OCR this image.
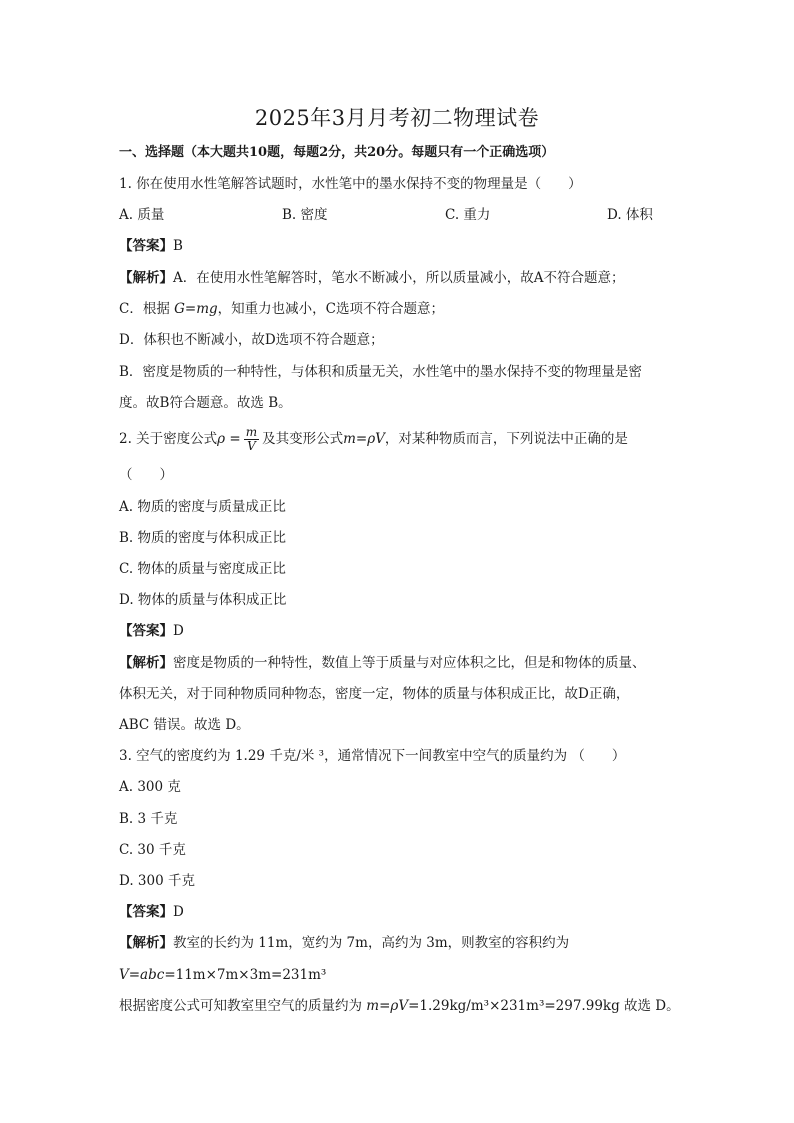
2025年3月月考初二物理试卷
一、选择题（本大题共10题，每题2分，共20分。每题只有一个正确选项）
1. 你在使用水性笔解答试题时，水性笔中的墨水保持不变的物理量是（　　）
A. 质量	B. 密度	C. 重力	D. 体积
【答案】B
【解析】A．在使用水性笔解答时，笔水不断减小，所以质量减小，故A不符合题意；
C．根据 G=mg，知重力也减小，C选项不符合题意；
D．体积也不断减小，故D选项不符合题意；
B．密度是物质的一种特性，与体积和质量无关，水性笔中的墨水保持不变的物理量是密
度。故B符合题意。故选 B。
2. 关于密度公式$\rho = \frac{m}{V}$ 及其变形公式m=ρV，对某种物质而言，下列说法中正确的是
（　　）
A. 物质的密度与质量成正比
B. 物质的密度与体积成正比
C. 物体的质量与密度成正比
D. 物体的质量与体积成正比
【答案】D
【解析】密度是物质的一种特性，数值上等于质量与对应体积之比，但是和物体的质量、
体积无关，对于同种物质同种物态，密度一定，物体的质量与体积成正比，故D正确，
ABC 错误。故选 D。
3. 空气的密度约为 1.29 千克/米 ³，通常情况下一间教室中空气的质量约为 （　　）
A. 300 克
B. 3 千克
C. 30 千克
D. 300 千克
【答案】D
【解析】教室的长约为 11m，宽约为 7m，高约为 3m，则教室的容积约为
V=abc=11m×7m×3m=231m³
根据密度公式可知教室里空气的质量约为 m=ρV=1.29kg/m³×231m³=297.99kg 故选 D。
